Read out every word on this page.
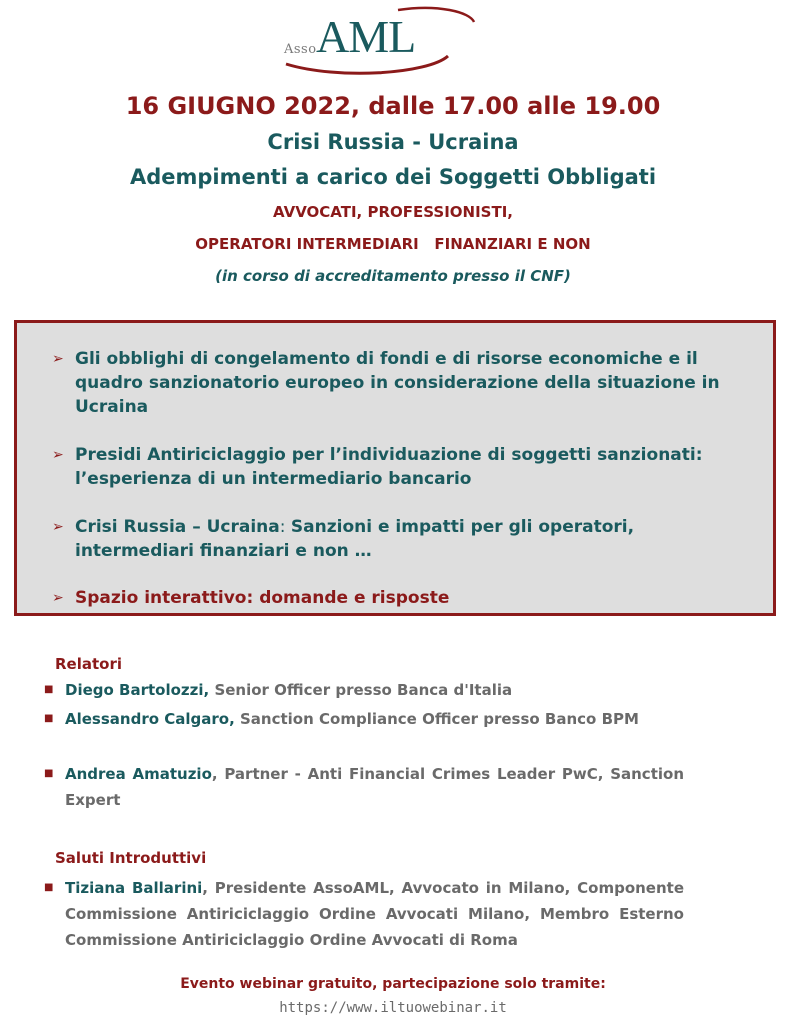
Asso AML
16 GIUGNO 2022, dalle 17.00 alle 19.00
Crisi Russia - Ucraina
Adempimenti a carico dei Soggetti Obbligati
AVVOCATI, PROFESSIONISTI,
OPERATORI INTERMEDIARI   FINANZIARI E NON
(in corso di accreditamento presso il CNF)
➢ Gli obblighi di congelamento di fondi e di risorse economiche e il quadro sanzionatorio europeo in considerazione della situazione in Ucraina
➢ Presidi Antiriciclaggio per l’individuazione di soggetti sanzionati: l’esperienza di un intermediario bancario
➢ Crisi Russia – Ucraina: Sanzioni e impatti per gli operatori, intermediari finanziari e non …
➢ Spazio interattivo: domande e risposte
Relatori
■ Diego Bartolozzi, Senior Officer presso Banca d'Italia
■ Alessandro Calgaro, Sanction Compliance Officer presso Banco BPM
■ Andrea Amatuzio, Partner - Anti Financial Crimes Leader PwC, Sanction Expert
Saluti Introduttivi
■ Tiziana Ballarini, Presidente AssoAML, Avvocato in Milano, Componente Commissione Antiriciclaggio Ordine Avvocati Milano, Membro Esterno Commissione Antiriciclaggio Ordine Avvocati di Roma
Evento webinar gratuito, partecipazione solo tramite:
https://www.iltuowebinar.it
